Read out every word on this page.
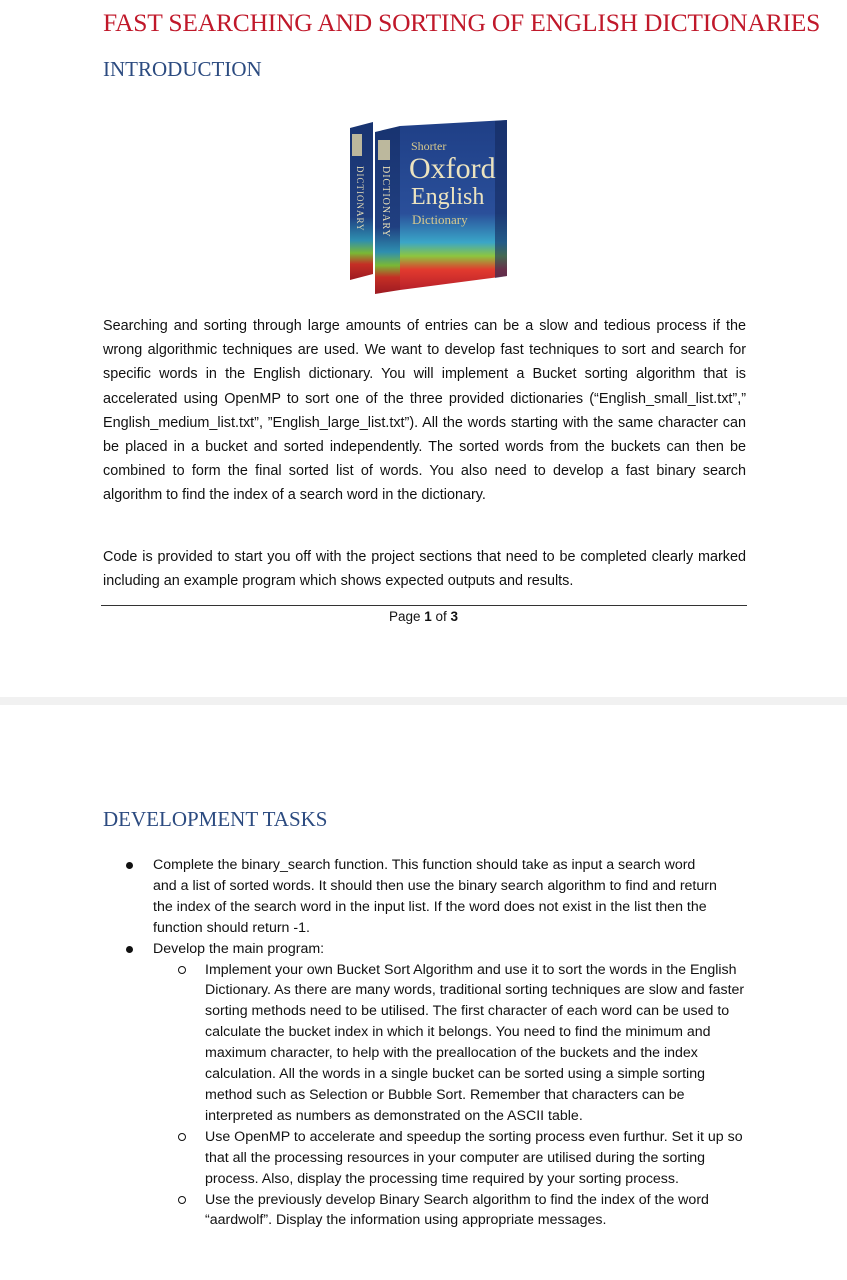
FAST SEARCHING AND SORTING OF ENGLISH DICTIONARIES
INTRODUCTION
Shorter
Oxford
English
Dictionary
DICTIONARY DICTIONARY

Searching and sorting through large amounts of entries can be a slow and tedious process if the wrong algorithmic techniques are used. We want to develop fast techniques to sort and search for specific words in the English dictionary. You will implement a Bucket sorting algorithm that is accelerated using OpenMP to sort one of the three provided dictionaries (“English_small_list.txt”,” English_medium_list.txt”, ”English_large_list.txt”). All the words starting with the same character can be placed in a bucket and sorted independently. The sorted words from the buckets can then be combined to form the final sorted list of words. You also need to develop a fast binary search algorithm to find the index of a search word in the dictionary.

Code is provided to start you off with the project sections that need to be completed clearly marked including an example program which shows expected outputs and results.

Page 1 of 3
DEVELOPMENT TASKS
Complete the binary_search function. This function should take as input a search word and a list of sorted words. It should then use the binary search algorithm to find and return the index of the search word in the input list. If the word does not exist in the list then the function should return -1.
Develop the main program:
Implement your own Bucket Sort Algorithm and use it to sort the words in the English Dictionary. As there are many words, traditional sorting techniques are slow and faster sorting methods need to be utilised. The first character of each word can be used to calculate the bucket index in which it belongs. You need to find the minimum and maximum character, to help with the preallocation of the buckets and the index calculation. All the words in a single bucket can be sorted using a simple sorting method such as Selection or Bubble Sort. Remember that characters can be interpreted as numbers as demonstrated on the ASCII table.
Use OpenMP to accelerate and speedup the sorting process even furthur. Set it up so that all the processing resources in your computer are utilised during the sorting process. Also, display the processing time required by your sorting process.
Use the previously develop Binary Search algorithm to find the index of the word “aardwolf”. Display the information using appropriate messages.
